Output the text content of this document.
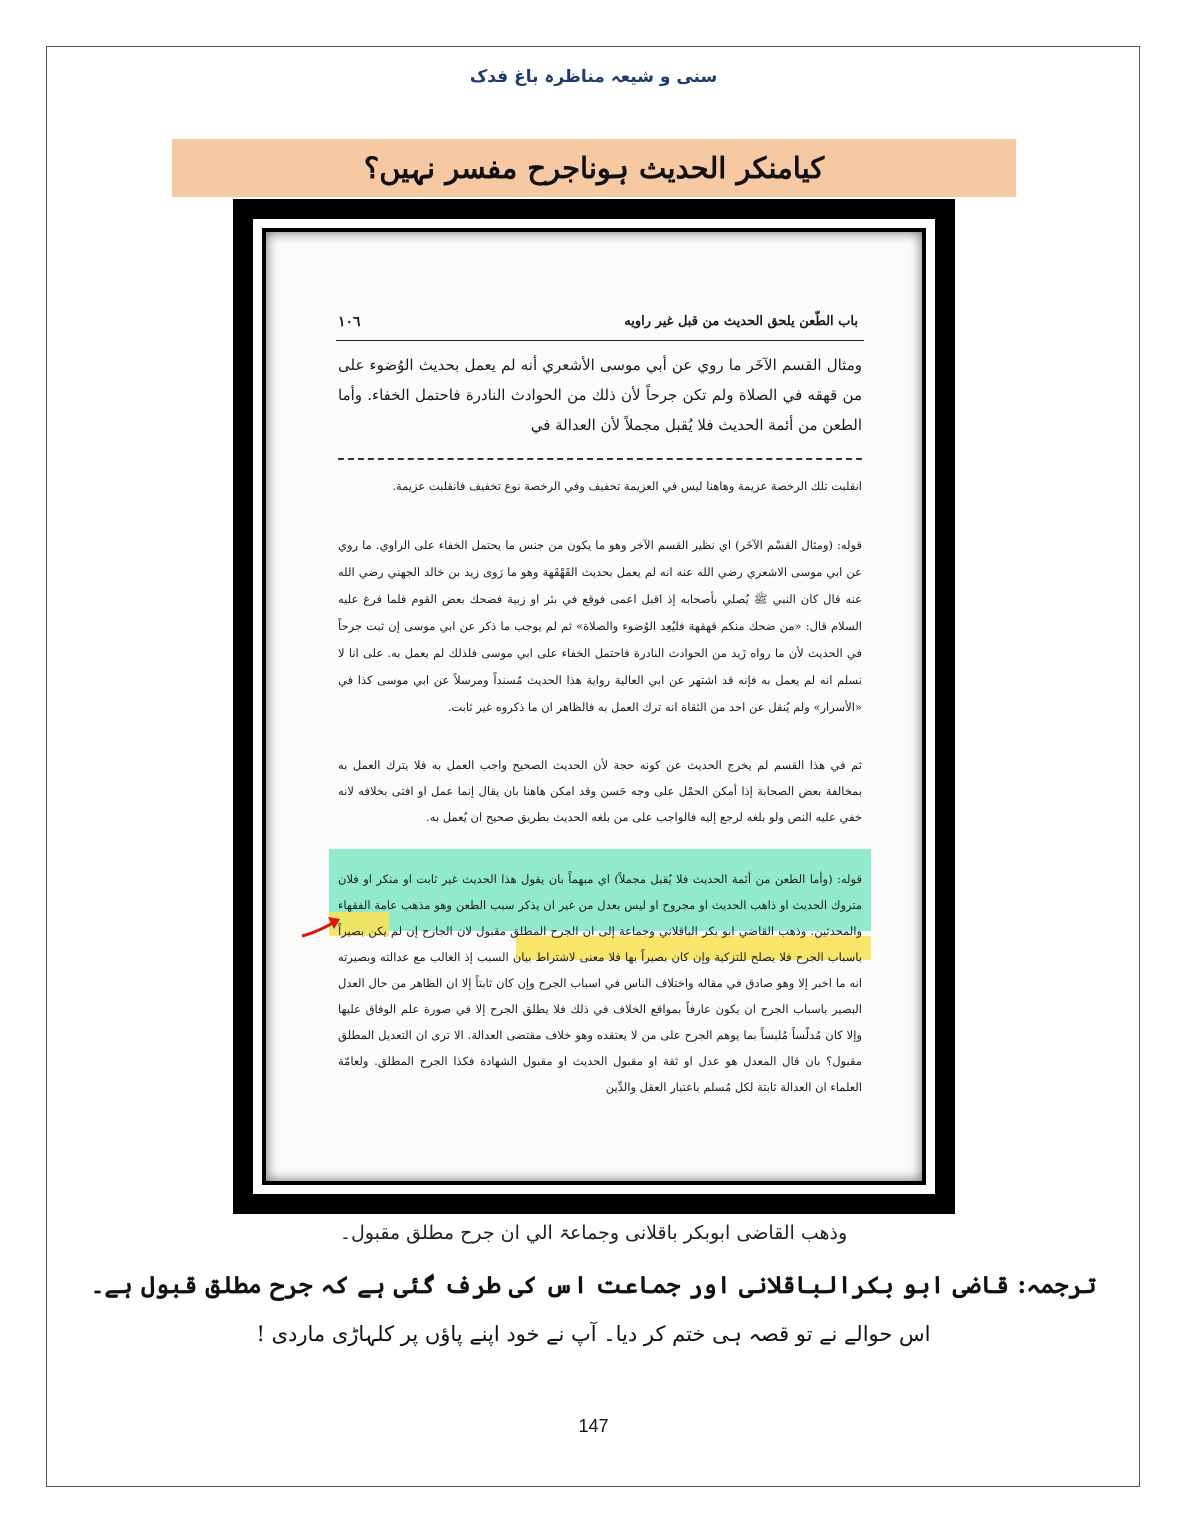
سنی و شیعہ مناظرہ باغ فدک
کیامنکر الحدیث ہوناجرح مفسر نہیں؟
١٠٦	باب الطّعن يلحق الحديث من قبل غير راويه
ومثال القسم الآخَر ما روي عن أبي موسى الأشعري أنه لم يعمل بحديث الوُضوء على من قهقه في الصلاة ولم تكن جرحاً لأن ذلك من الحوادث النادرة فاحتمل الخفاء. وأما الطعن من أئمة الحديث فلا يُقبل مجملاً لأن العدالة في
انقلبت تلك الرخصة عزيمة وهاهنا ليس في العزيمة تخفيف وفي الرخصة نوع تخفيف فانقلبت عزيمة.
قوله: (ومثال القسْم الآخَر) اي نظير القسم الآخر وهو ما يكون من جنس ما يحتمل الخفاء على الراوي. ما روي عن ابي موسى الاشعري رضي الله عنه انه لم يعمل بحديث القَهْقَهة وهو ما رَوى زيد بن خالد الجهني رضي الله عنه قال كان النبي ﷺ يُصلي بأصحابه إذ اقبل اعمى فوقع في بئر او زبية فضحك بعض القوم فلما فرغ عليه السلام قال: «من ضحك منكم قهقهة فليُعِد الوُضوء والصلاة» ثم لم يوجب ما ذكر عن ابي موسى إن ثبت جرحاً في الحديث لأن ما رواه زَيد من الحوادث النادرة فاحتمل الخفاء على ابي موسى فلذلك لم يعمل به. على انا لا نسلم انه لم يعمل به فإنه قد اشتهر عن ابي العالية رواية هذا الحديث مُسنداً ومرسلاً عن ابي موسى كذا في «الأسرار» ولم يُنقل عن احد من الثقاة انه ترك العمل به فالظاهر ان ما ذكروه غير ثابت.
ثم في هذا القسم لم يخرج الحديث عن كونه حجة لأن الحديث الصحيح واجب العمل به فلا يترك العمل به بمخالفة بعض الصحابة إذا أمكن الحمْل على وجه حَسن وقد امكن هاهنا بان يقال إنما عمل او افتى بخلافه لانه خفي عليه النص ولو بلغه لرجع إليه فالواجب على من بلغه الحديث بطريق صحيح ان يُعمل به.
قوله: (وأما الطعن من أئمة الحديث فلا يُقبل مجملاً) اي مبهماً بان يقول هذا الحديث غير ثابت او منكر او فلان متروك الحديث او ذاهب الحديث او مجروح او ليس بعدل من غير ان يذكر سبب الطعن وهو مذهب عامة الفقهاء والمحدثين. وذهب القاضي ابو بكر الباقلاني وجماعة إلى ان الجرح المطلق مقبول لان الجارح إن لم يكن بصيراً باسباب الجرح فلا يصلح للتزكية وإن كان بصيراً بها فلا معنى لاشتراط بيان السبب إذ الغالب مع عدالته وبصيرته انه ما اخبر إلا وهو صادق في مقاله واختلاف الناس في اسباب الجرح وإن كان ثابتاً إلا ان الظاهر من حال العدل البصير باسباب الجرح ان يكون عارفاً بمواقع الخلاف في ذلك فلا يطلق الجرح إلا في صورة علم الوفاق عليها وإلا كان مُدلّساً مُلبساً بما يوهم الجرح على من لا يعتقده وهو خلاف مقتضى العدالة. الا ترى ان التعديل المطلق مقبول؟ بان قال المعدل هو عدل او ثقة او مقبول الحديث او مقبول الشهادة فكذا الجرح المطلق. ولعامّة العلماء ان العدالة ثابتة لكل مُسلم باعتبار العقل والدِّين
وذهب القاضی ابوبکر باقلانی وجماعۃ الي ان جرح مطلق مقبول۔
ترجمہ: قاضی ابو بکرالباقلانی اور جماعت اس کی طرف گئی ہے کہ جرح مطلق قبول ہے۔
اس حوالے نے تو قصہ ہی ختم کر دیا۔ آپ نے خود اپنے پاؤں پر کلہاڑی ماردی !
147
